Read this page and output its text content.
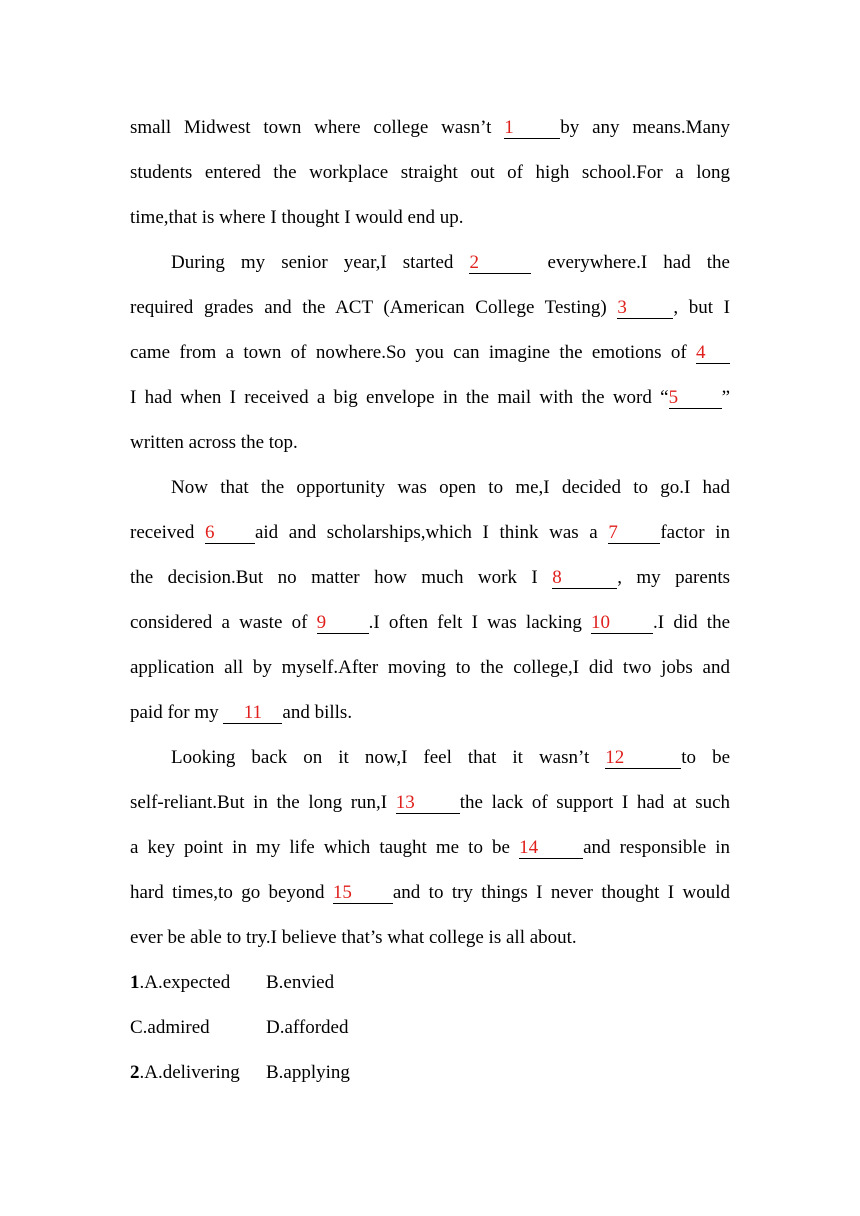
small Midwest town where college wasn’t 1 by any means.Many
students entered the workplace straight out of high school.For a long
time,that is where I thought I would end up.
During my senior year,I started 2	everywhere.I had the
required grades and the ACT (American College Testing) 3 , but I
came from a town of nowhere.So you can imagine the emotions of 4
I had when I received a big envelope in the mail with the word “5 ”
written across the top.
Now that the opportunity was open to me,I decided to go.I had
received 6 aid and scholarships,which I think was a 7 factor in
the decision.But no matter how much work I 8	, my parents
considered a waste of 9 .I often felt I was lacking 10 .I did the
application all by myself.After moving to the college,I did two jobs and
paid for my 11 and bills.
Looking back on it now,I feel that it wasn’t 12	to be
self-reliant.But in the long run,I 13 the lack of support I had at such
a key point in my life which taught me to be 14 and responsible in
hard times,to go beyond 15 and to try things I never thought I would
ever be able to try.I believe that’s what college is all about.
1.A.expected B.envied
C.admired	D.afforded
2.A.delivering B.applying
